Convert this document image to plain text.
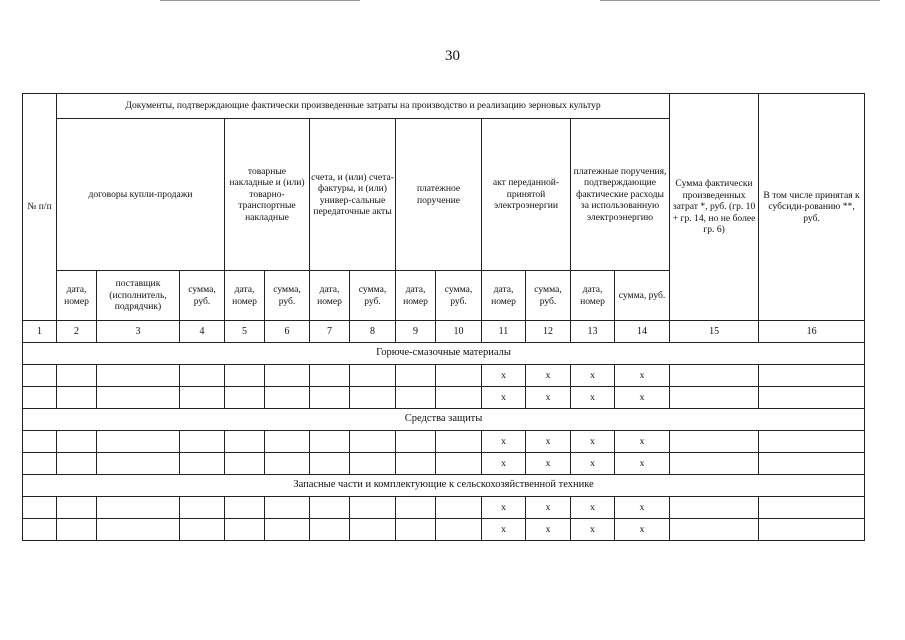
30
№ п/п	Документы, подтверждающие фактически произведенные затраты на производство и реализацию зерновых культур													Сумма фактически произведенных затрат *, руб. (гр. 10 + гр. 14, но не более гр. 6)	В том числе принятая к субсиди-рованию **, руб.
	договоры купли-продажи			товарные накладные и (или) товарно-транспортные накладные		счета, и (или) счета-фактуры, и (или) универ-сальные передаточные акты		платежное поручение		акт переданной-принятой электроэнергии		платежные поручения, подтверждающие фактические расходы за использованную электроэнергию			
	дата, номер	поставщик (исполнитель, подрядчик)	сумма, руб.	дата, номер	сумма, руб.	дата, номер	сумма, руб.	дата, номер	сумма, руб.	дата, номер	сумма, руб.	дата, номер	сумма, руб.		
1	2	3	4	5	6	7	8	9	10	11	12	13	14	15	16
Горюче-смазочные материалы															
										x	x	x	x		
										x	x	x	x		
Средства защиты															
										x	x	x	x		
										x	x	x	x		
Запасные части и комплектующие к сельскохозяйственной технике															
										x	x	x	x		
										x	x	x	x		
